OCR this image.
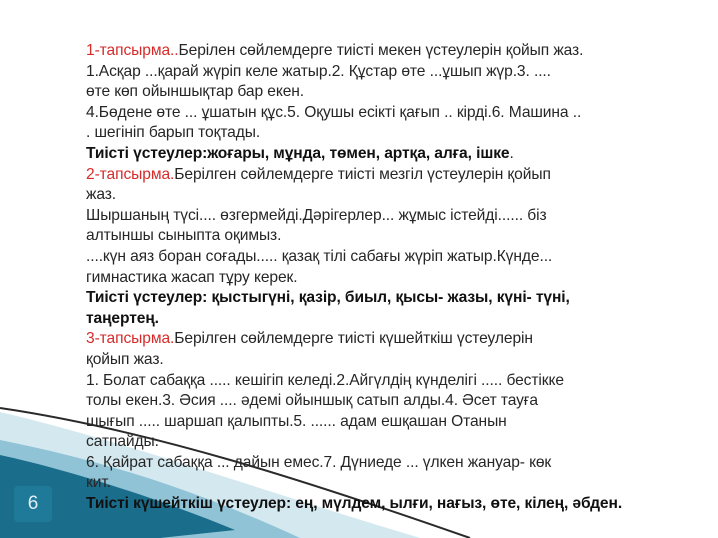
1-тапсырма..Берілен сөйлемдерге тиісті мекен үстеулерін қойып жаз.
1.Асқар ...қарай жүріп келе жатыр.2. Құстар өте ...ұшып жүр.3. ....
өте көп ойыншықтар бар екен.
4.Бөдене өте ... ұшатын құс.5. Оқушы есікті қағып .. кірді.6. Машина ..
. шегініп барып тоқтады.
Тиісті үстеулер:жоғары, мұнда, төмен, артқа, алға, ішке.
2-тапсырма.Берілген сөйлемдерге тиісті мезгіл үстеулерін қойып
жаз.
Шыршаның түсі.... өзгермейді.Дәрігерлер... жұмыс істейді...... біз
алтыншы сыныпта оқимыз.
....күн аяз боран соғады..... қазақ тілі сабағы жүріп жатыр.Күнде...
гимнастика жасап тұру керек.
Тиісті үстеулер: қыстыгүні, қазір, биыл, қысы- жазы, күні- түні,
таңертең.
3-тапсырма.Берілген сөйлемдерге тиісті күшейткіш үстеулерін
қойып жаз.
1. Болат сабаққа ..... кешігіп келеді.2.Айгүлдің күнделігі ..... бестікке
толы екен.3. Әсия .... әдемі ойыншық сатып алды.4. Әсет тауға
шығып ..... шаршап қалыпты.5. ...... адам ешқашан Отанын
сатпайды.
6. Қайрат сабаққа ... дайын емес.7. Дүниеде ... үлкен жануар- көк
кит.
Тиісті күшейткіш үстеулер: ең, мүлдем, ылғи, нағыз, өте, кілең, әбден.
6
